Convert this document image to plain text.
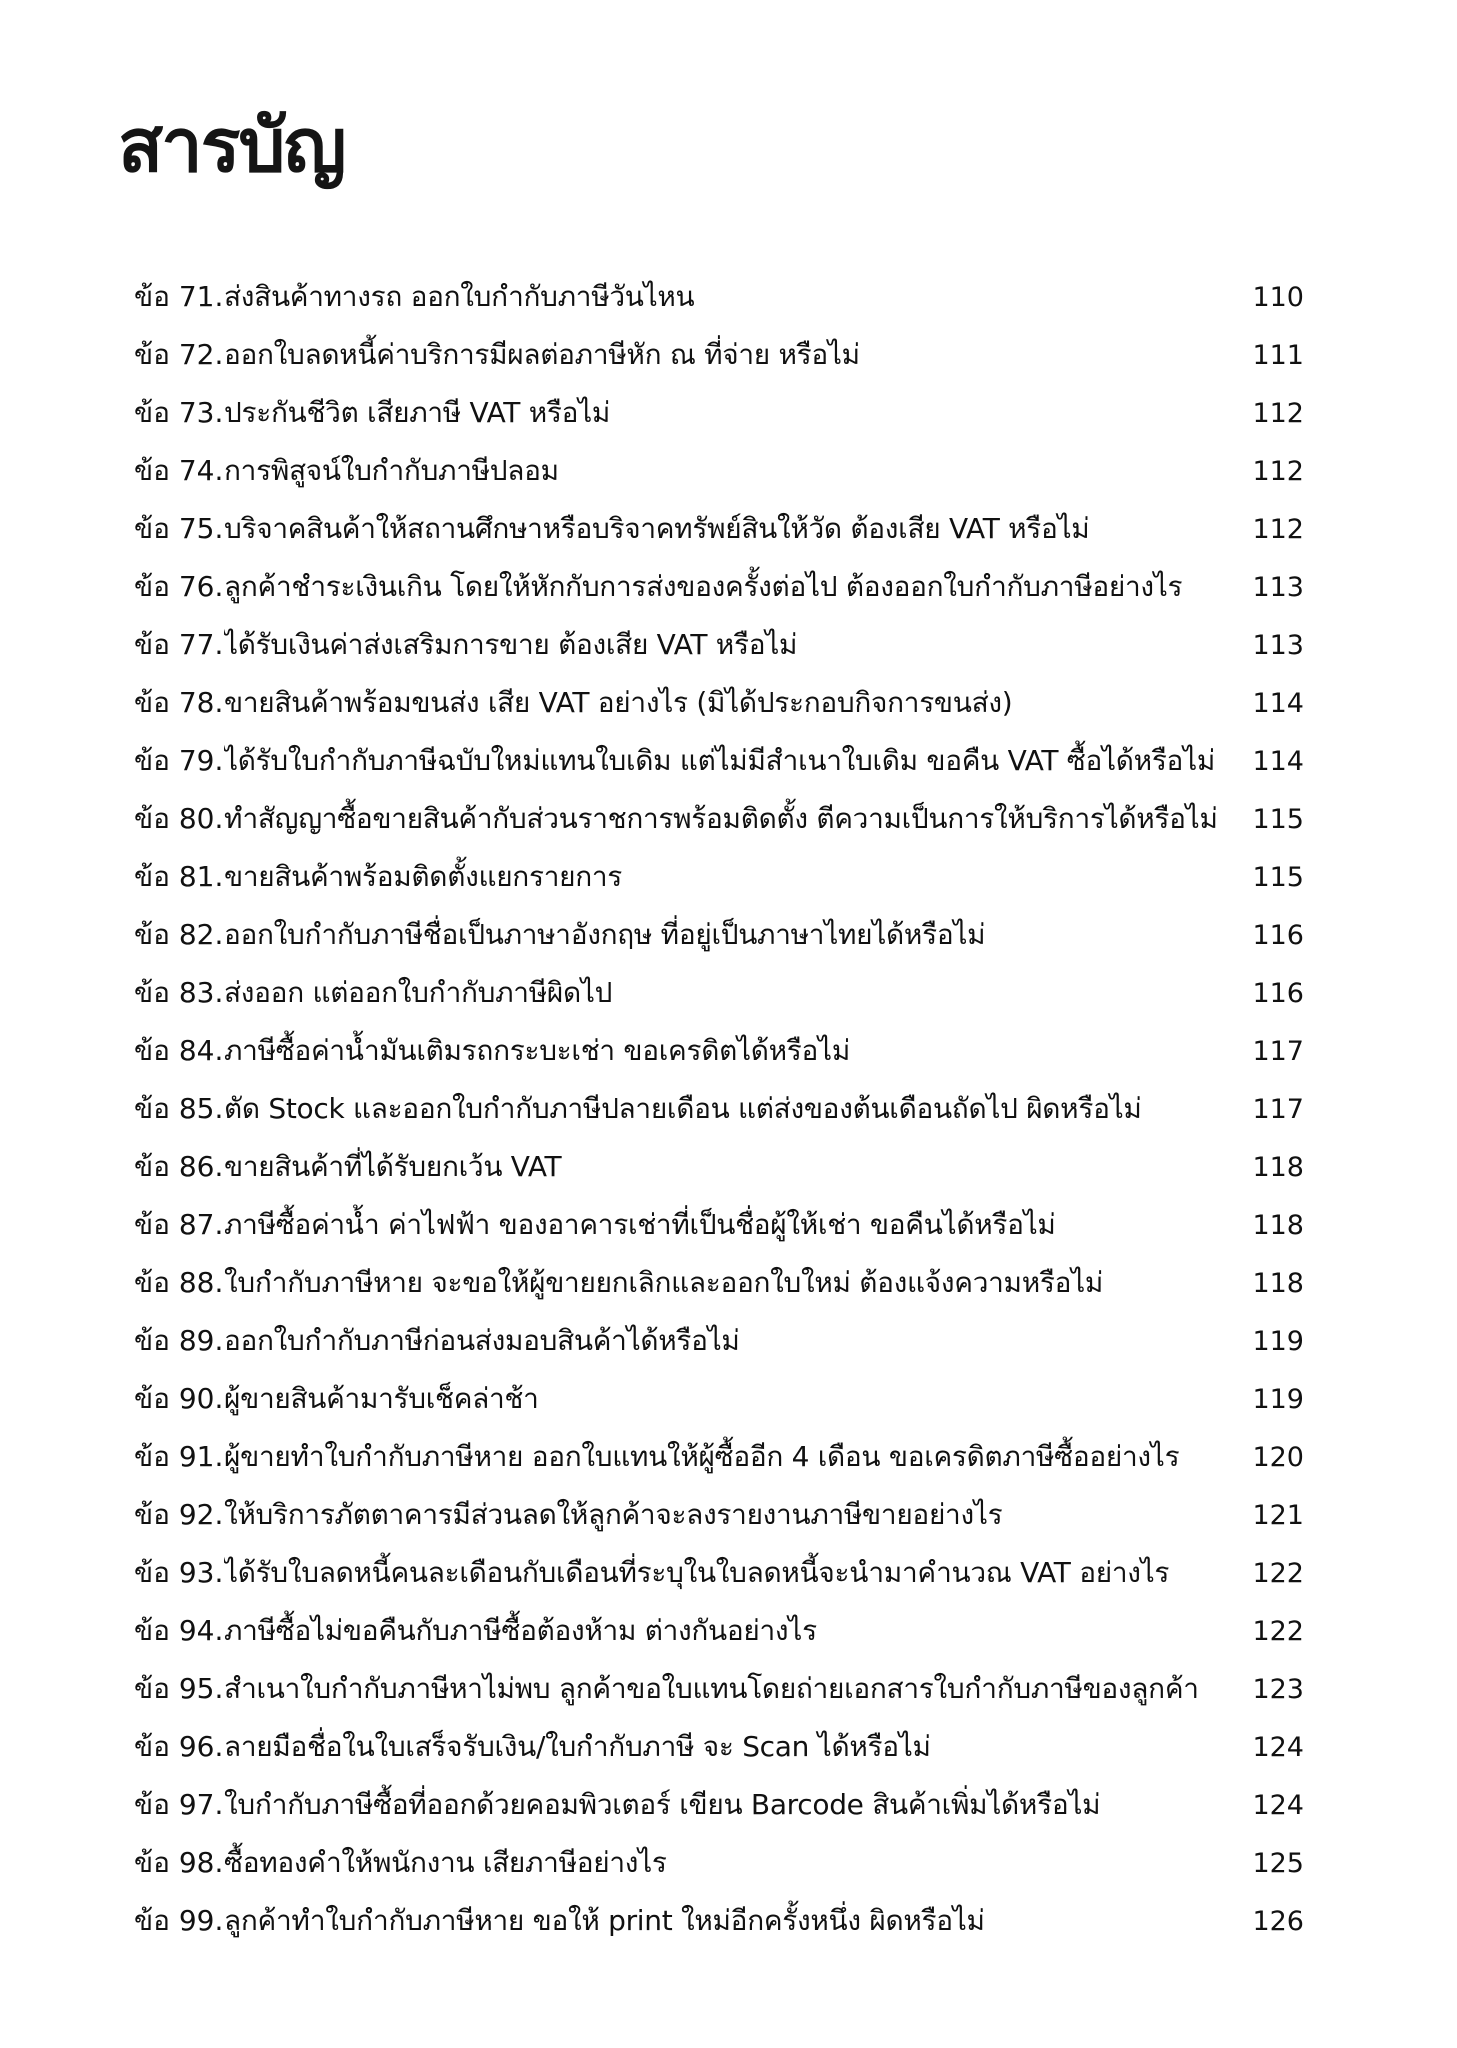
สารบัญ
ข้อ 71. ส่งสินค้าทางรถ ออกใบกำกับภาษีวันไหน	110
ข้อ 72. ออกใบลดหนี้ค่าบริการมีผลต่อภาษีหัก ณ ที่จ่าย หรือไม่	111
ข้อ 73. ประกันชีวิต เสียภาษี VAT หรือไม่	112
ข้อ 74. การพิสูจน์ใบกำกับภาษีปลอม	112
ข้อ 75. บริจาคสินค้าให้สถานศึกษาหรือบริจาคทรัพย์สินให้วัด ต้องเสีย VAT หรือไม่	112
ข้อ 76. ลูกค้าชำระเงินเกิน โดยให้หักกับการส่งของครั้งต่อไป ต้องออกใบกำกับภาษีอย่างไร	113
ข้อ 77. ได้รับเงินค่าส่งเสริมการขาย ต้องเสีย VAT หรือไม่	113
ข้อ 78. ขายสินค้าพร้อมขนส่ง เสีย VAT อย่างไร (มิได้ประกอบกิจการขนส่ง)	114
ข้อ 79. ได้รับใบกำกับภาษีฉบับใหม่แทนใบเดิม แต่ไม่มีสำเนาใบเดิม ขอคืน VAT ซื้อได้หรือไม่	114
ข้อ 80. ทำสัญญาซื้อขายสินค้ากับส่วนราชการพร้อมติดตั้ง ตีความเป็นการให้บริการได้หรือไม่	115
ข้อ 81. ขายสินค้าพร้อมติดตั้งแยกรายการ	115
ข้อ 82. ออกใบกำกับภาษีชื่อเป็นภาษาอังกฤษ ที่อยู่เป็นภาษาไทยได้หรือไม่	116
ข้อ 83. ส่งออก แต่ออกใบกำกับภาษีผิดไป	116
ข้อ 84. ภาษีซื้อค่าน้ำมันเติมรถกระบะเช่า ขอเครดิตได้หรือไม่	117
ข้อ 85. ตัด Stock และออกใบกำกับภาษีปลายเดือน แต่ส่งของต้นเดือนถัดไป ผิดหรือไม่	117
ข้อ 86. ขายสินค้าที่ได้รับยกเว้น VAT	118
ข้อ 87. ภาษีซื้อค่าน้ำ ค่าไฟฟ้า ของอาคารเช่าที่เป็นชื่อผู้ให้เช่า ขอคืนได้หรือไม่	118
ข้อ 88. ใบกำกับภาษีหาย จะขอให้ผู้ขายยกเลิกและออกใบใหม่ ต้องแจ้งความหรือไม่	118
ข้อ 89. ออกใบกำกับภาษีก่อนส่งมอบสินค้าได้หรือไม่	119
ข้อ 90. ผู้ขายสินค้ามารับเช็คล่าช้า	119
ข้อ 91. ผู้ขายทำใบกำกับภาษีหาย ออกใบแทนให้ผู้ซื้ออีก 4 เดือน ขอเครดิตภาษีซื้ออย่างไร	120
ข้อ 92. ให้บริการภัตตาคารมีส่วนลดให้ลูกค้าจะลงรายงานภาษีขายอย่างไร	121
ข้อ 93. ได้รับใบลดหนี้คนละเดือนกับเดือนที่ระบุในใบลดหนี้จะนำมาคำนวณ VAT อย่างไร	122
ข้อ 94. ภาษีซื้อไม่ขอคืนกับภาษีซื้อต้องห้าม ต่างกันอย่างไร	122
ข้อ 95. สำเนาใบกำกับภาษีหาไม่พบ ลูกค้าขอใบแทนโดยถ่ายเอกสารใบกำกับภาษีของลูกค้า	123
ข้อ 96. ลายมือชื่อในใบเสร็จรับเงิน/ใบกำกับภาษี จะ Scan ได้หรือไม่	124
ข้อ 97. ใบกำกับภาษีซื้อที่ออกด้วยคอมพิวเตอร์ เขียน Barcode สินค้าเพิ่มได้หรือไม่	124
ข้อ 98. ซื้อทองคำให้พนักงาน เสียภาษีอย่างไร	125
ข้อ 99. ลูกค้าทำใบกำกับภาษีหาย ขอให้ print ใหม่อีกครั้งหนึ่ง ผิดหรือไม่	126
